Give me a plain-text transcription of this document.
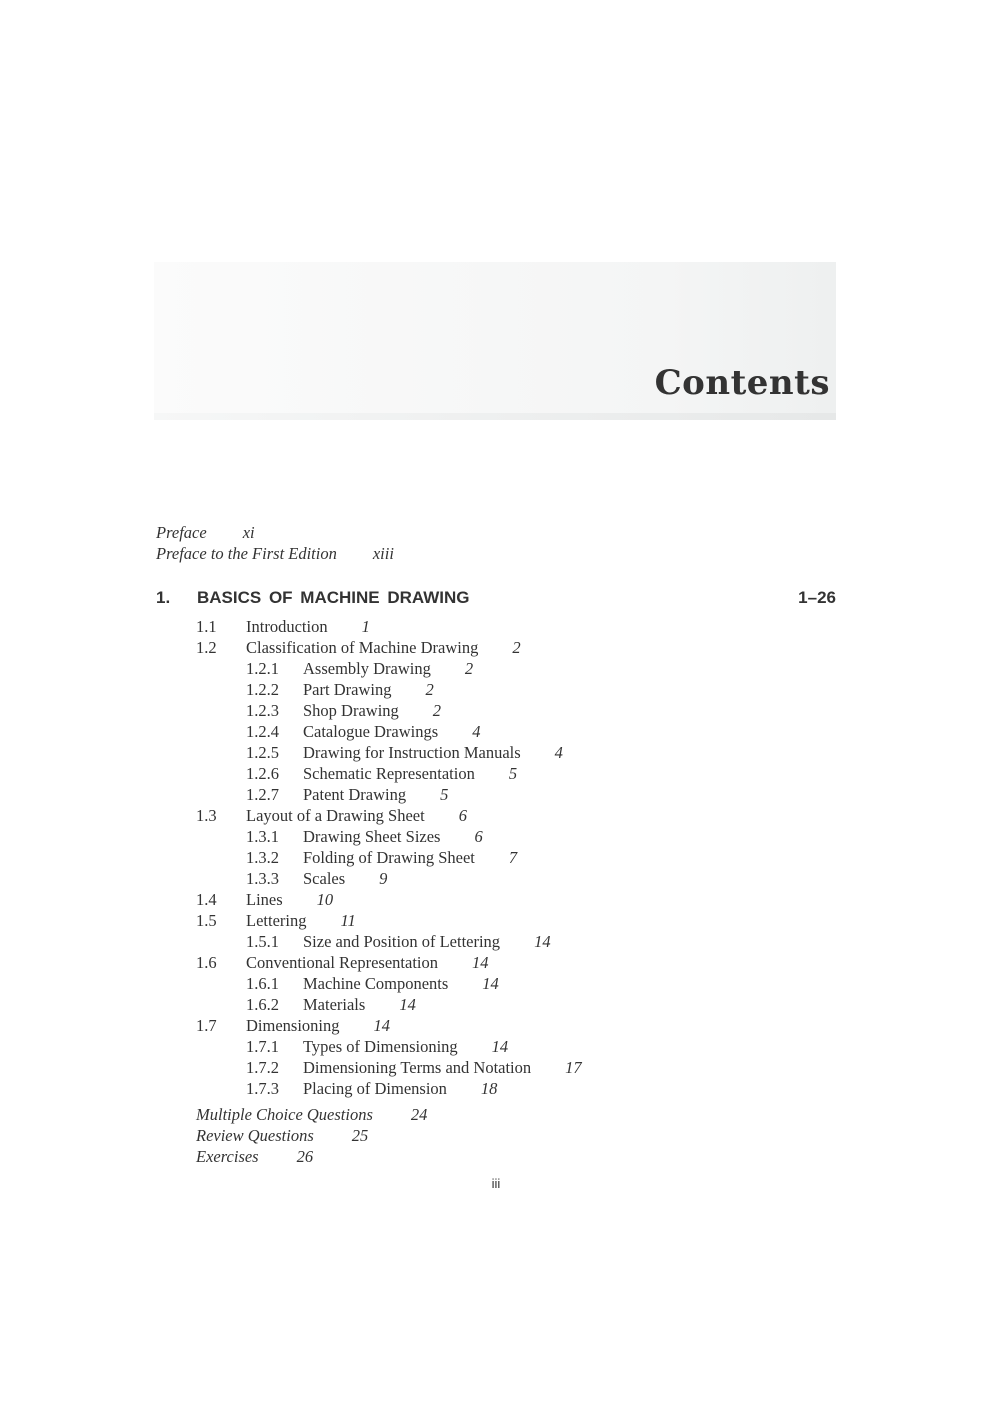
Contents
Preface xi
Preface to the First Edition xiii
1. BASICS OF MACHINE DRAWING	1–26
1.1 Introduction 1
1.2 Classification of Machine Drawing 2
1.2.1 Assembly Drawing 2
1.2.2 Part Drawing 2
1.2.3 Shop Drawing 2
1.2.4 Catalogue Drawings 4
1.2.5 Drawing for Instruction Manuals 4
1.2.6 Schematic Representation 5
1.2.7 Patent Drawing 5
1.3 Layout of a Drawing Sheet 6
1.3.1 Drawing Sheet Sizes 6
1.3.2 Folding of Drawing Sheet 7
1.3.3 Scales 9
1.4 Lines 10
1.5 Lettering 11
1.5.1 Size and Position of Lettering 14
1.6 Conventional Representation 14
1.6.1 Machine Components 14
1.6.2 Materials 14
1.7 Dimensioning 14
1.7.1 Types of Dimensioning 14
1.7.2 Dimensioning Terms and Notation 17
1.7.3 Placing of Dimension 18
Multiple Choice Questions 24
Review Questions 25
Exercises 26
iii
